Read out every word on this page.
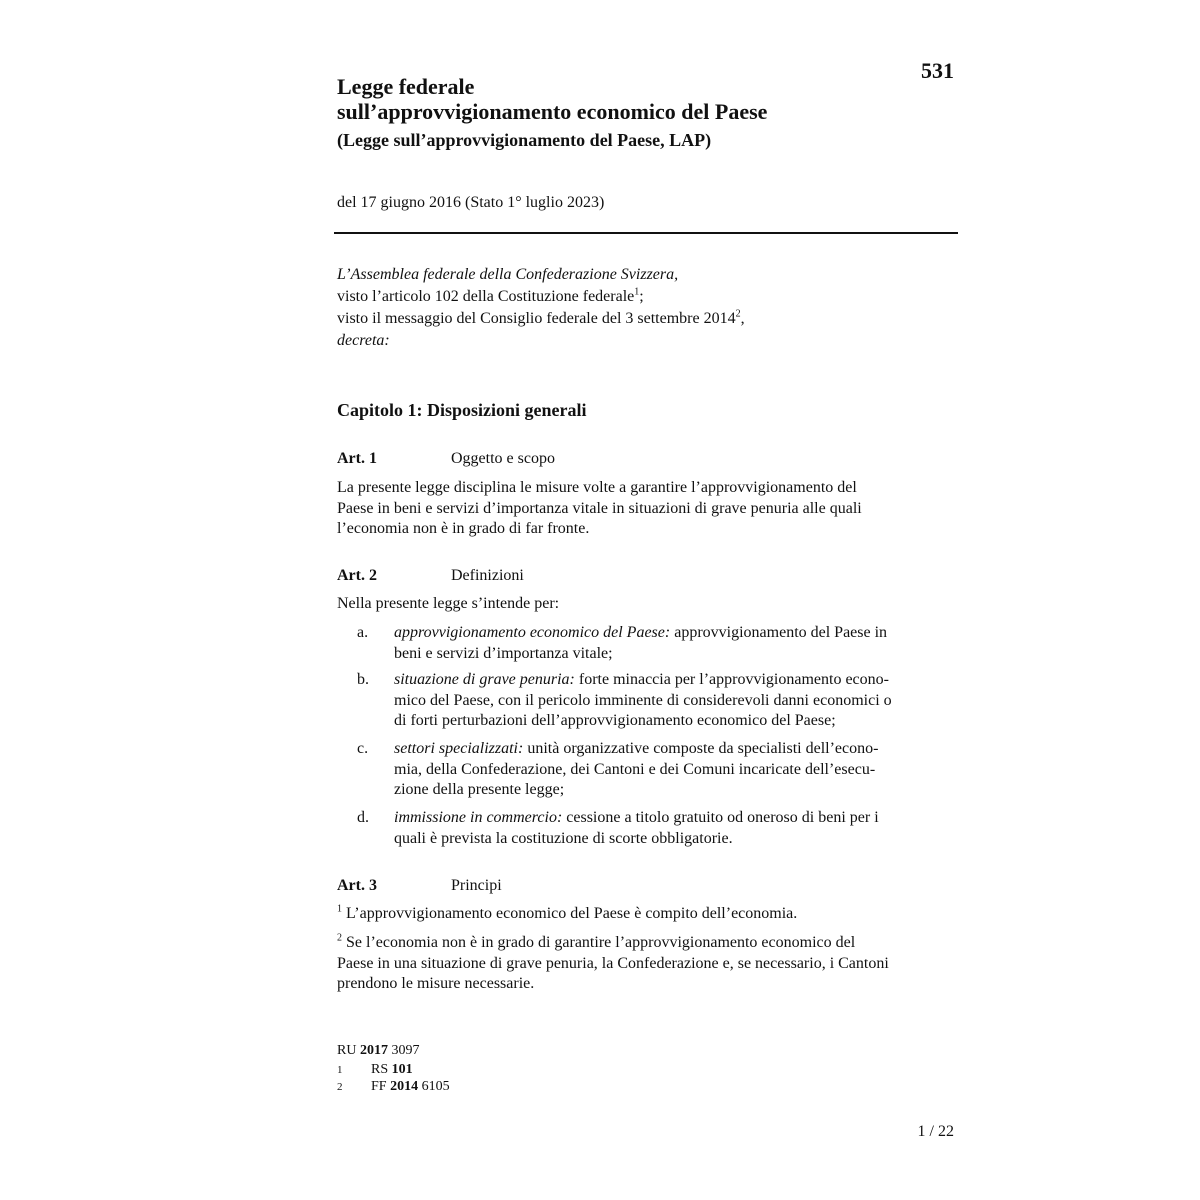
531
Legge federale
sull’approvvigionamento economico del Paese
(Legge sull’approvvigionamento del Paese, LAP)
del 17 giugno 2016 (Stato 1° luglio 2023)
L’Assemblea federale della Confederazione Svizzera,
visto l’articolo 102 della Costituzione federale$^1$;
visto il messaggio del Consiglio federale del 3 settembre 2014$^2$,
decreta:
Capitolo 1: Disposizioni generali
Art. 1	Oggetto e scopo
La presente legge disciplina le misure volte a garantire l’approvvigionamento del
Paese in beni e servizi d’importanza vitale in situazioni di grave penuria alle quali
l’economia non è in grado di far fronte.
Art. 2	Definizioni
Nella presente legge s’intende per:
a. approvvigionamento economico del Paese: approvvigionamento del Paese in
beni e servizi d’importanza vitale;
b. situazione di grave penuria: forte minaccia per l’approvvigionamento econo-
mico del Paese, con il pericolo imminente di considerevoli danni economici o
di forti perturbazioni dell’approvvigionamento economico del Paese;
c. settori specializzati: unità organizzative composte da specialisti dell’econo-
mia, della Confederazione, dei Cantoni e dei Comuni incaricate dell’esecu-
zione della presente legge;
d. immissione in commercio: cessione a titolo gratuito od oneroso di beni per i
quali è prevista la costituzione di scorte obbligatorie.
Art. 3	Principi
$^1$ L’approvvigionamento economico del Paese è compito dell’economia.
$^2$ Se l’economia non è in grado di garantire l’approvvigionamento economico del
Paese in una situazione di grave penuria, la Confederazione e, se necessario, i Cantoni
prendono le misure necessarie.
RU 2017 3097
1 RS 101
2 FF 2014 6105
1 / 22
